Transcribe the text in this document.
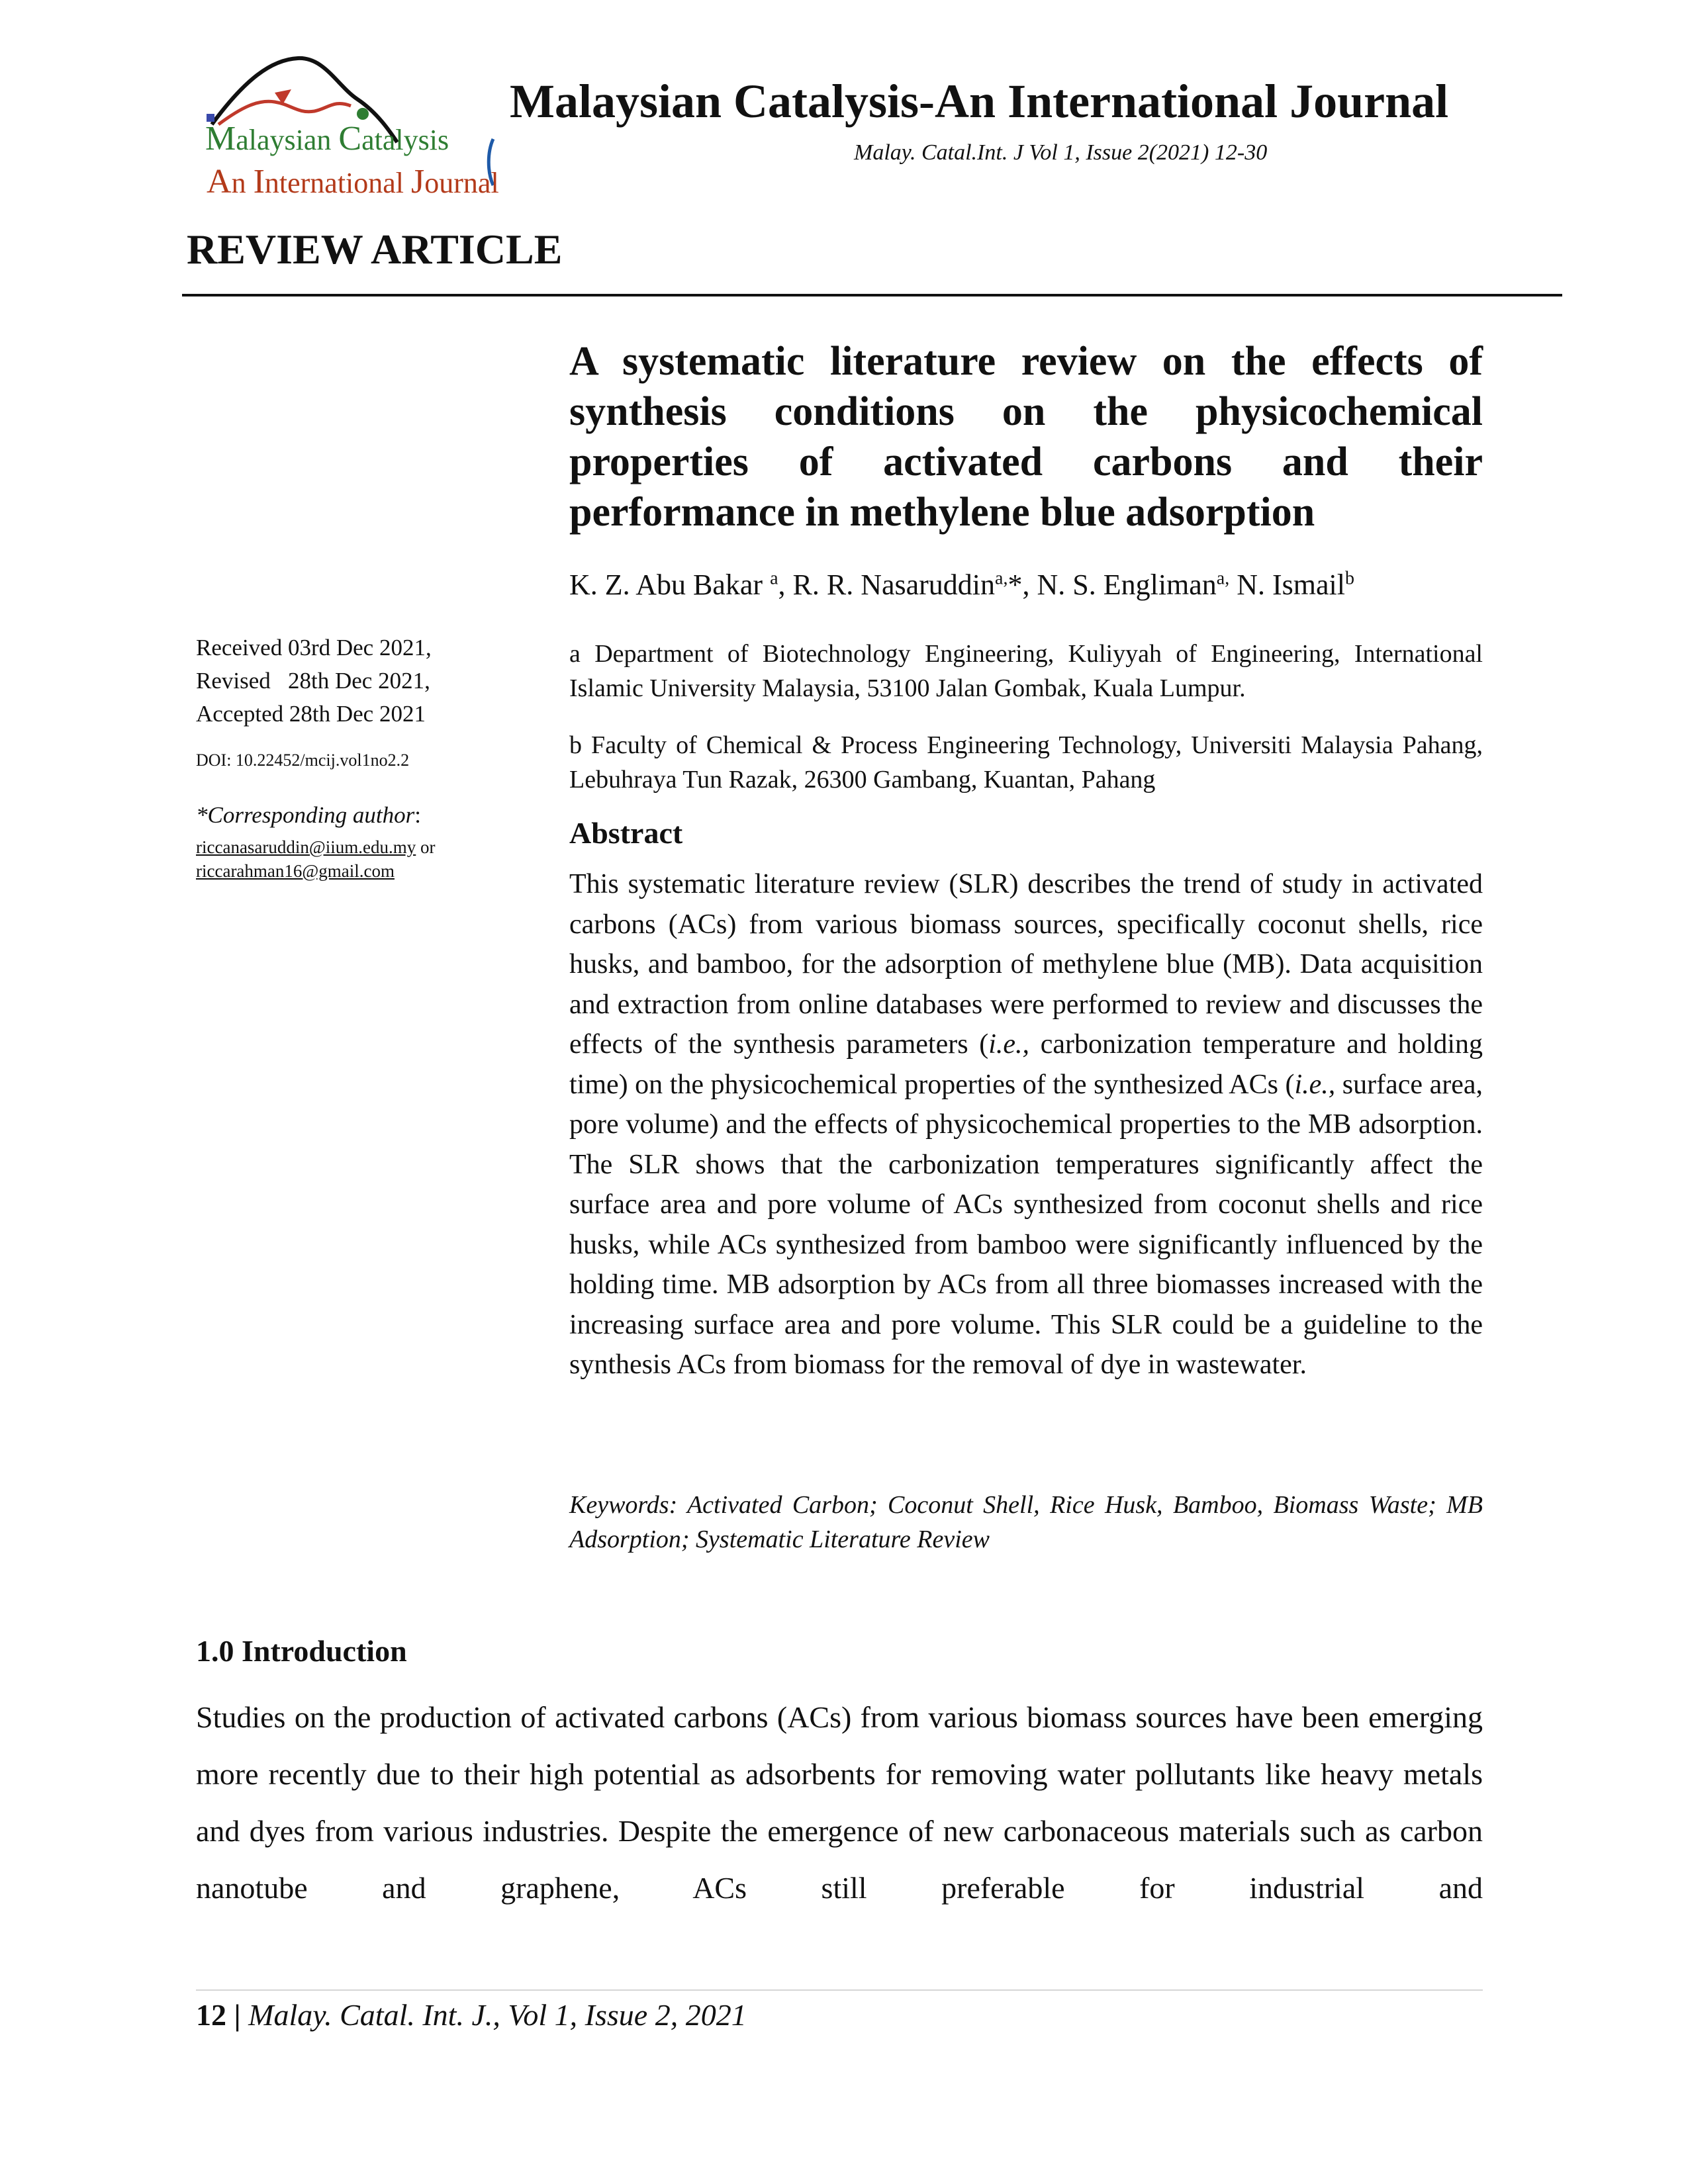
Malaysian Catalysis
An International Journal
Malaysian Catalysis-An International Journal
Malay. Catal.Int. J Vol 1, Issue 2(2021) 12-30
REVIEW ARTICLE
A systematic literature review on the effects of synthesis conditions on the physicochemical properties of activated carbons and their performance in methylene blue adsorption
K. Z. Abu Bakar $^a$, R. R. Nasaruddin$^{a,}$*, N. S. Engliman$^{a,}$ N. Ismail$^b$
a Department of Biotechnology Engineering, Kuliyyah of Engineering, International Islamic University Malaysia, 53100 Jalan Gombak, Kuala Lumpur.
b Faculty of Chemical & Process Engineering Technology, Universiti Malaysia Pahang, Lebuhraya Tun Razak, 26300 Gambang, Kuantan, Pahang
Received 03rd Dec 2021,
Revised   28th Dec 2021,
Accepted 28th Dec 2021
DOI: 10.22452/mcij.vol1no2.2
*Corresponding author:
riccanasaruddin@iium.edu.my or
riccarahman16@gmail.com
Abstract

This systematic literature review (SLR) describes the trend of study in activated carbons (ACs) from various biomass sources, specifically coconut shells, rice husks, and bamboo, for the adsorption of methylene blue (MB). Data acquisition and extraction from online databases were performed to review and discusses the effects of the synthesis parameters (i.e., carbonization temperature and holding time) on the physicochemical properties of the synthesized ACs (i.e., surface area, pore volume) and the effects of physicochemical properties to the MB adsorption. The SLR shows that the carbonization temperatures significantly affect the surface area and pore volume of ACs synthesized from coconut shells and rice husks, while ACs synthesized from bamboo were significantly influenced by the holding time. MB adsorption by ACs from all three biomasses increased with the increasing surface area and pore volume. This SLR could be a guideline to the synthesis ACs from biomass for the removal of dye in wastewater.

Keywords: Activated Carbon; Coconut Shell, Rice Husk, Bamboo, Biomass Waste; MB Adsorption; Systematic Literature Review
1.0 Introduction
Studies on the production of activated carbons (ACs) from various biomass sources have been emerging more recently due to their high potential as adsorbents for removing water pollutants like heavy metals and dyes from various industries. Despite the emergence of new carbonaceous materials such as carbon nanotube and graphene, ACs still preferable for industrial and
12 | Malay. Catal. Int. J., Vol 1, Issue 2, 2021
